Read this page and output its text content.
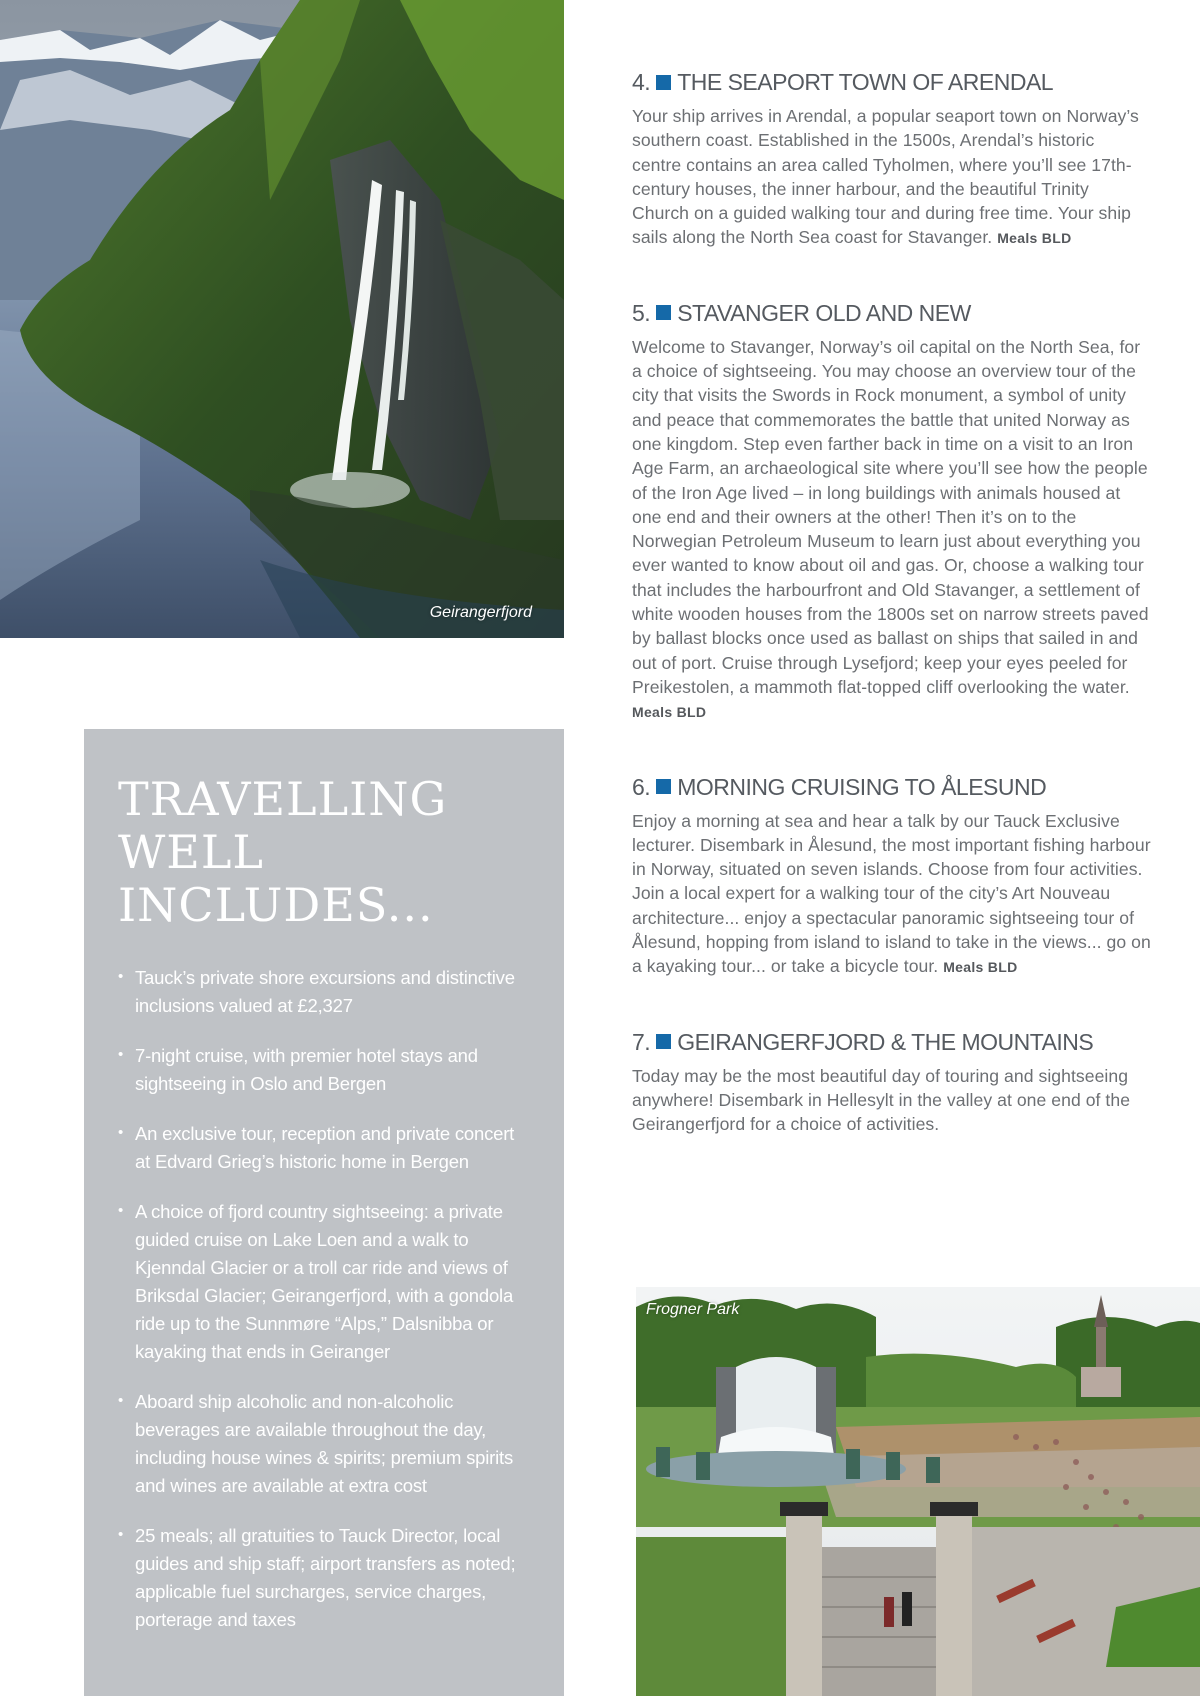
Geirangerfjord
TRAVELLING WELL INCLUDES...
• Tauck’s private shore excursions and distinctive inclusions valued at £2,327
• 7-night cruise, with premier hotel stays and sightseeing in Oslo and Bergen
• An exclusive tour, reception and private concert at Edvard Grieg’s historic home in Bergen
• A choice of fjord country sightseeing: a private guided cruise on Lake Loen and a walk to Kjenndal Glacier or a troll car ride and views of Briksdal Glacier; Geirangerfjord, with a gondola ride up to the Sunnmøre “Alps,” Dalsnibba or kayaking that ends in Geiranger
• Aboard ship alcoholic and non-alcoholic beverages are available throughout the day, including house wines & spirits; premium spirits and wines are available at extra cost
• 25 meals; all gratuities to Tauck Director, local guides and ship staff; airport transfers as noted; applicable fuel surcharges, service charges, porterage and taxes
4. THE SEAPORT TOWN OF ARENDAL

Your ship arrives in Arendal, a popular seaport town on Norway’s southern coast. Established in the 1500s, Arendal’s historic centre contains an area called Tyholmen, where you’ll see 17th-century houses, the inner harbour, and the beautiful Trinity Church on a guided walking tour and during free time. Your ship sails along the North Sea coast for Stavanger. Meals BLD

5. STAVANGER OLD AND NEW

Welcome to Stavanger, Norway’s oil capital on the North Sea, for a choice of sightseeing. You may choose an overview tour of the city that visits the Swords in Rock monument, a symbol of unity and peace that commemorates the battle that united Norway as one kingdom. Step even farther back in time on a visit to an Iron Age Farm, an archaeological site where you’ll see how the people of the Iron Age lived – in long buildings with animals housed at one end and their owners at the other! Then it’s on to the Norwegian Petroleum Museum to learn just about everything you ever wanted to know about oil and gas. Or, choose a walking tour that includes the harbourfront and Old Stavanger, a settlement of white wooden houses from the 1800s set on narrow streets paved by ballast blocks once used as ballast on ships that sailed in and out of port. Cruise through Lysefjord; keep your eyes peeled for Preikestolen, a mammoth flat-topped cliff overlooking the water. Meals BLD

6. MORNING CRUISING TO ÅLESUND

Enjoy a morning at sea and hear a talk by our Tauck Exclusive lecturer. Disembark in Ålesund, the most important fishing harbour in Norway, situated on seven islands. Choose from four activities. Join a local expert for a walking tour of the city’s Art Nouveau architecture... enjoy a spectacular panoramic sightseeing tour of Ålesund, hopping from island to island to take in the views... go on a kayaking tour... or take a bicycle tour. Meals BLD

7. GEIRANGERFJORD & THE MOUNTAINS

Today may be the most beautiful day of touring and sightseeing anywhere! Disembark in Hellesylt in the valley at one end of the Geirangerfjord for a choice of activities.

Frogner Park
